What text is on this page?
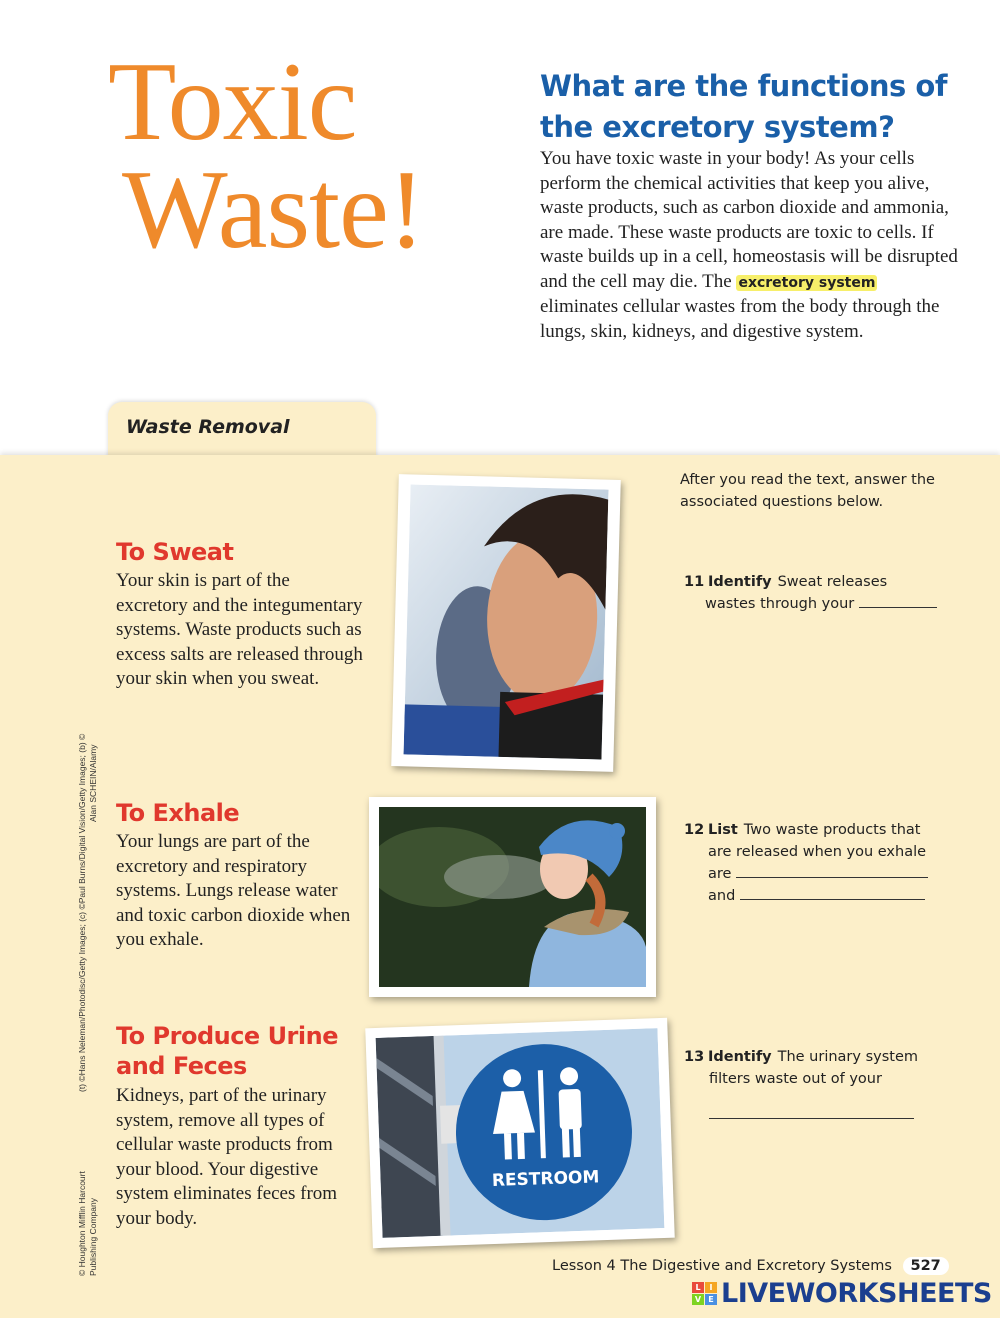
Toxic
Waste!
What are the functions of
the excretory system?
You have toxic waste in your body! As your cells perform the chemical activities that keep you alive, waste products, such as carbon dioxide and ammonia, are made. These waste products are toxic to cells. If waste builds up in a cell, homeostasis will be disrupted and the cell may die. The excretory system eliminates cellular wastes from the body through the lungs, skin, kidneys, and digestive system.
Waste Removal
After you read the text, answer the associated questions below.
To Sweat
Your skin is part of the excretory and the integumentary systems. Waste products such as excess salts are released through your skin when you sweat.
11 Identify Sweat releases
wastes through your
To Exhale
Your lungs are part of the excretory and respiratory systems. Lungs release water and toxic carbon dioxide when you exhale.
12 List Two waste products that
are released when you exhale
are
and
To Produce Urine
and Feces
Kidneys, part of the urinary system, remove all types of cellular waste products from your blood. Your digestive system eliminates feces from your body.
RESTROOM
13 Identify The urinary system
filters waste out of your

(t) ©Hans Neleman/Photodisc/Getty Images; (c) ©Paul Burns/Digital Vision/Getty Images; (b) © Alan SCHEIN/Alamy
© Houghton Mifflin Harcourt Publishing Company	Lesson 4 The Digestive and Excretory Systems 527
L	I
V E LIVEWORKSHEETS
